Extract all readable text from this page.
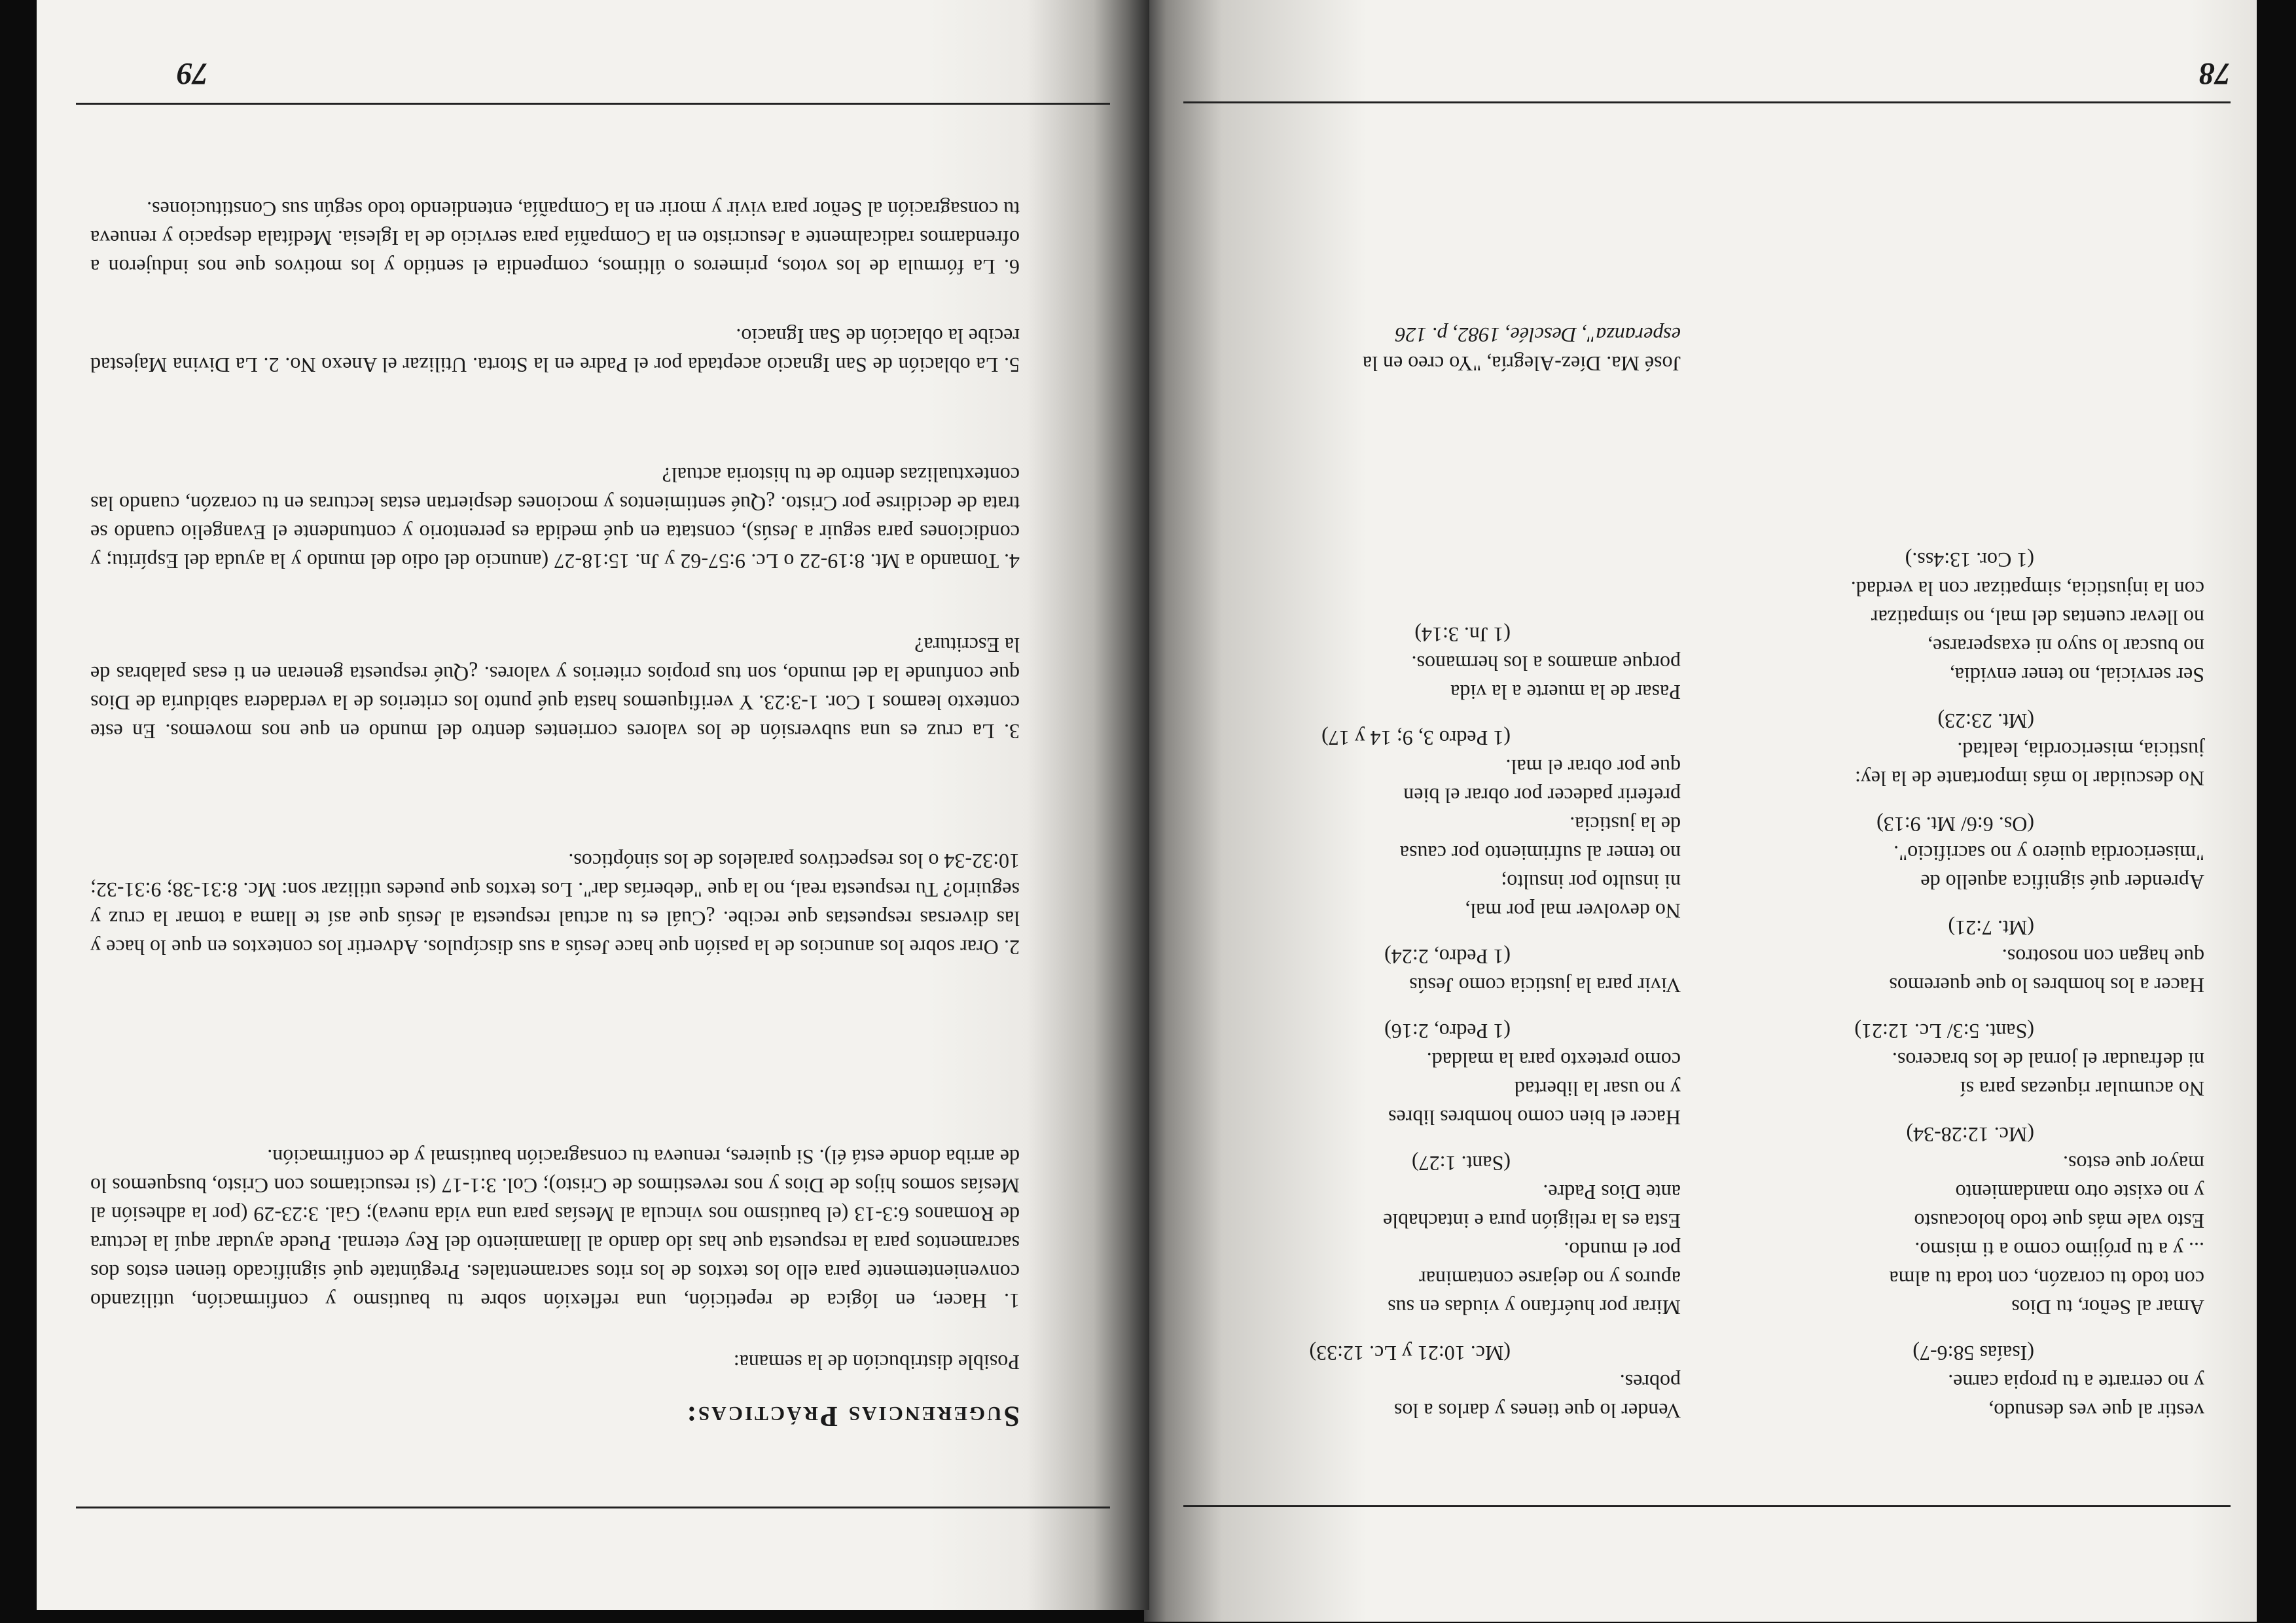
vestir al que ves desnudo,
y no cerrarte a tu propia carne.
(Isaías 58:6-7)
Amar al Señor, tu Dios
con todo tu corazón, con toda tu alma
... y a tu prójimo como a ti mismo.
Esto vale más que todo holocausto
y no existe otro mandamiento
mayor que estos.
(Mc. 12:28-34)
No acumular riquezas para sí
ni defraudar el jornal de los braceros.
(Sant. 5:3/ Lc. 12:21)
Hacer a los hombres lo que queremos
que hagan con nosotros.
(Mt. 7:21)
Aprender qué significa aquello de
"misericordia quiero y no sacrificio".
(Os. 6:6/ Mt. 9:13)
No descuidar lo más importante de la ley:
justicia, misericordia, lealtad.
(Mt. 23:23)
Ser servicial, no tener envidia,
no buscar lo suyo ni exasperarse,
no llevar cuentas del mal, no simpatizar
con la injusticia, simpatizar con la verdad.
(1 Cor. 13:4ss.)
Vender lo que tienes y darlos a los
pobres.
(Mc. 10:21 y Lc. 12:33)
Mirar por huérfano y viudas en sus
apuros y no dejarse contaminar
por el mundo.
Esta es la religión pura e intachable
ante Dios Padre.
(Sant. 1:27)
Hacer el bien como hombres libres
y no usar la libertad
como pretexto para la maldad.
(1 Pedro, 2:16)
Vivir para la justicia como Jesús
(1 Pedro, 2:24)
No devolver mal por mal,
ni insulto por insulto;
no temer al sufrimiento por causa
de la justicia.
preferir padecer por obrar el bien
que por obrar el mal.
(1 Pedro 3, 9; 14 y 17)
Pasar de la muerte a la vida
porque amamos a los hermanos.
(1 Jn. 3:14)
José Ma. Díez-Alegría, "Yo creo en la
esperanza", Desclée, 1982, p. 126
78
Sugerencias Prácticas:
Posible distribución de la semana:
1. Hacer, en lógica de repetición, una reflexión sobre tu bautismo y confirmación, utilizando convenientemente para ello los textos de los ritos sacramentales. Pregúntate qué significado tienen estos dos sacramentos para la respuesta que has ido dando al llamamiento del Rey eternal. Puede ayudar aquí la lectura de Romanos 6:3-13 (el bautismo nos vincula al Mesías para una vida nueva); Gal. 3:23-29 (por la adhesión al Mesías somos hijos de Dios y nos revestimos de Cristo); Col. 3:1-17 (si resucitamos con Cristo, busquemos lo de arriba donde está él). Si quieres, renueva tu consagración bautismal y de confirmación.
2. Orar sobre los anuncios de la pasión que hace Jesús a sus discípulos. Advertir los contextos en que lo hace y las diversas respuestas que recibe. ¿Cuál es tu actual respuesta al Jesús que así te llama a tomar la cruz y seguirlo? Tu respuesta real, no la que "deberías dar". Los textos que puedes utilizar son: Mc. 8:31-38; 9:31-32; 10:32-34 o los respectivos paralelos de los sinópticos.
3. La cruz es una subversión de los valores corrientes dentro del mundo en que nos movemos. En este contexto leamos 1 Cor. 1-3:23. Y verifiquemos hasta qué punto los criterios de la verdadera sabiduría de Dios que confunde la del mundo, son tus propios criterios y valores. ¿Qué respuesta generan en ti esas palabras de la Escritura?
4. Tomando a Mt. 8:19-22 o Lc. 9:57-62 y Jn. 15:18-27 (anuncio del odio del mundo y la ayuda del Espíritu; y condiciones para seguir a Jesús), constata en qué medida es perentorio y contundente el Evangelio cuando se trata de decidirse por Cristo. ¿Qué sentimientos y mociones despiertan estas lecturas en tu corazón, cuando las contextualizas dentro de tu historia actual?
5. La oblación de San Ignacio aceptada por el Padre en la Storta. Utilizar el Anexo No. 2. La Divina Majestad recibe la oblación de San Ignacio.
6. La fórmula de los votos, primeros o últimos, compendia el sentido y los motivos que nos indujeron a ofrendarnos radicalmente a Jesucristo en la Compañía para servicio de la Iglesia. Medítala despacio y renueva tu consagración al Señor para vivir y morir en la Compañía, entendiendo todo según sus Constituciones.
79
